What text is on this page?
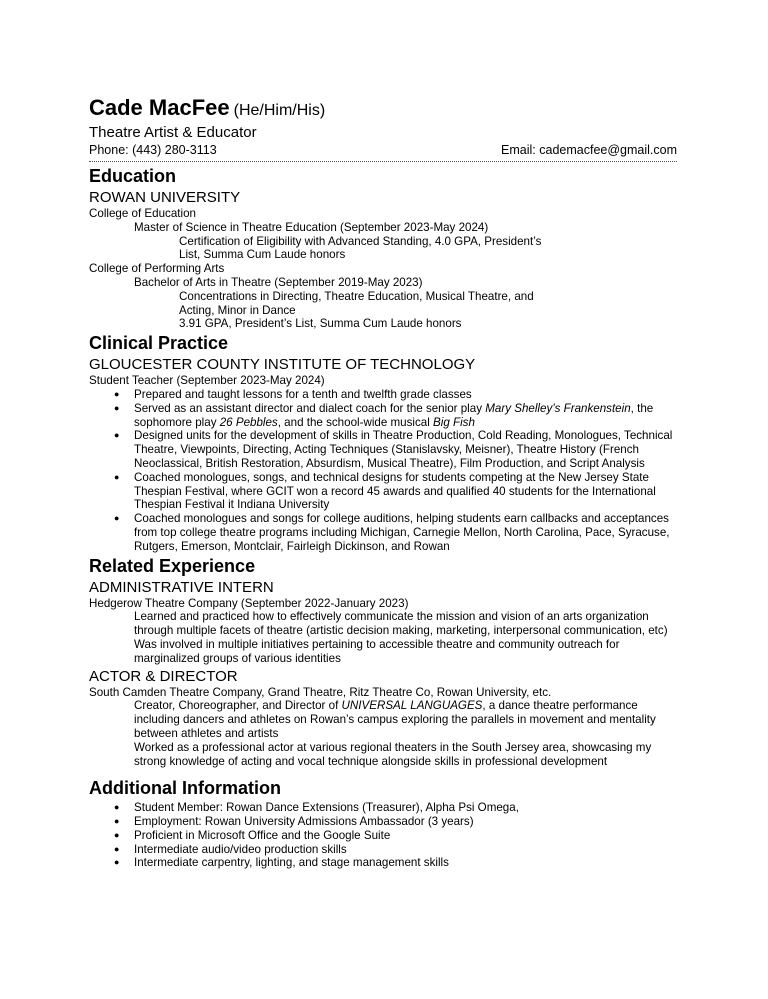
Cade MacFee (He/Him/His)
Theatre Artist & Educator
Phone: (443) 280-3113	Email: cademacfee@gmail.com
Education
ROWAN UNIVERSITY
College of Education
Master of Science in Theatre Education (September 2023-May 2024)
Certification of Eligibility with Advanced Standing, 4.0 GPA, President’s
List, Summa Cum Laude honors
College of Performing Arts
Bachelor of Arts in Theatre (September 2019-May 2023)
Concentrations in Directing, Theatre Education, Musical Theatre, and
Acting, Minor in Dance
3.91 GPA, President’s List, Summa Cum Laude honors
Clinical Practice
GLOUCESTER COUNTY INSTITUTE OF TECHNOLOGY
Student Teacher (September 2023-May 2024)
● Prepared and taught lessons for a tenth and twelfth grade classes
● Served as an assistant director and dialect coach for the senior play Mary Shelley’s Frankenstein, the sophomore play 26 Pebbles, and the school-wide musical Big Fish
● Designed units for the development of skills in Theatre Production, Cold Reading, Monologues, Technical Theatre, Viewpoints, Directing, Acting Techniques (Stanislavsky, Meisner), Theatre History (French Neoclassical, British Restoration, Absurdism, Musical Theatre), Film Production, and Script Analysis
● Coached monologues, songs, and technical designs for students competing at the New Jersey State Thespian Festival, where GCIT won a record 45 awards and qualified 40 students for the International Thespian Festival it Indiana University
● Coached monologues and songs for college auditions, helping students earn callbacks and acceptances from top college theatre programs including Michigan, Carnegie Mellon, North Carolina, Pace, Syracuse, Rutgers, Emerson, Montclair, Fairleigh Dickinson, and Rowan
Related Experience
ADMINISTRATIVE INTERN
Hedgerow Theatre Company (September 2022-January 2023)
Learned and practiced how to effectively communicate the mission and vision of an arts organization through multiple facets of theatre (artistic decision making, marketing, interpersonal communication, etc)
Was involved in multiple initiatives pertaining to accessible theatre and community outreach for marginalized groups of various identities
ACTOR & DIRECTOR
South Camden Theatre Company, Grand Theatre, Ritz Theatre Co, Rowan University, etc.
Creator, Choreographer, and Director of UNIVERSAL LANGUAGES, a dance theatre performance including dancers and athletes on Rowan’s campus exploring the parallels in movement and mentality between athletes and artists
Worked as a professional actor at various regional theaters in the South Jersey area, showcasing my strong knowledge of acting and vocal technique alongside skills in professional development
Additional Information
● Student Member: Rowan Dance Extensions (Treasurer), Alpha Psi Omega,
● Employment: Rowan University Admissions Ambassador (3 years)
● Proficient in Microsoft Office and the Google Suite
● Intermediate audio/video production skills
● Intermediate carpentry, lighting, and stage management skills
